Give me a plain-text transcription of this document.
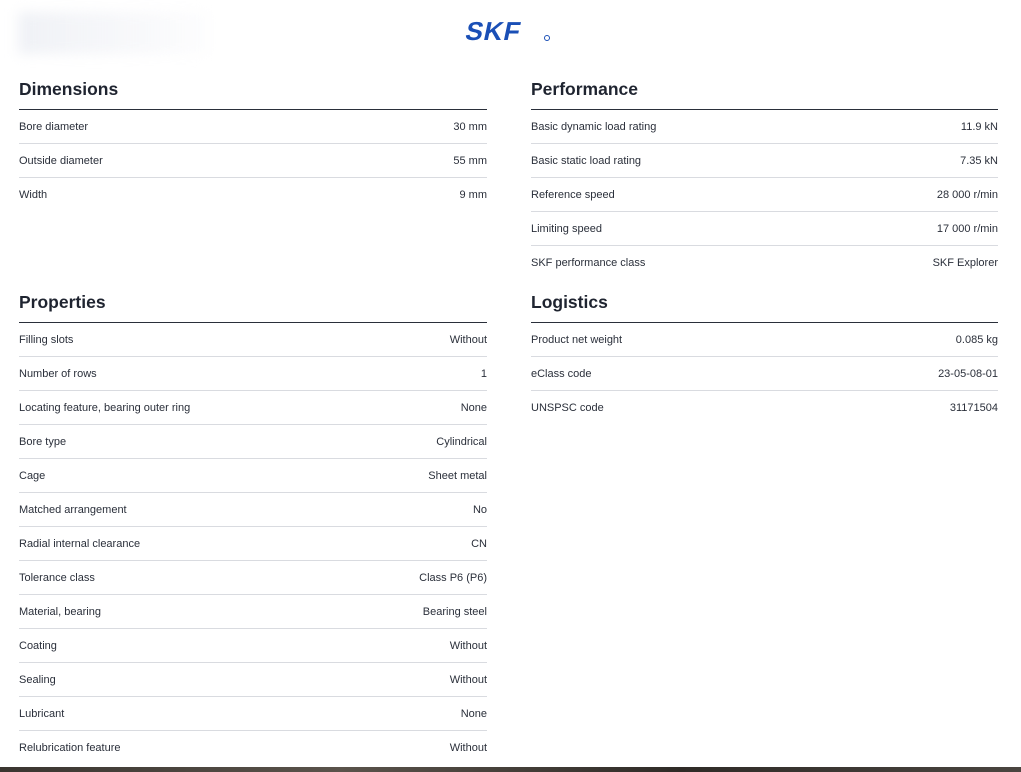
SKF
Dimensions
Bore diameter	30 mm
Outside diameter	55 mm
Width	9 mm
Performance
Basic dynamic load rating	11.9 kN
Basic static load rating	7.35 kN
Reference speed	28 000 r/min
Limiting speed	17 000 r/min
SKF performance class	SKF Explorer
Properties
Filling slots	Without
Number of rows	1
Locating feature, bearing outer ring	None
Bore type	Cylindrical
Cage	Sheet metal
Matched arrangement	No
Radial internal clearance	CN
Tolerance class	Class P6 (P6)
Material, bearing	Bearing steel
Coating	Without
Sealing	Without
Lubricant	None
Relubrication feature	Without
Logistics
Product net weight	0.085 kg
eClass code	23-05-08-01
UNSPSC code	31171504
